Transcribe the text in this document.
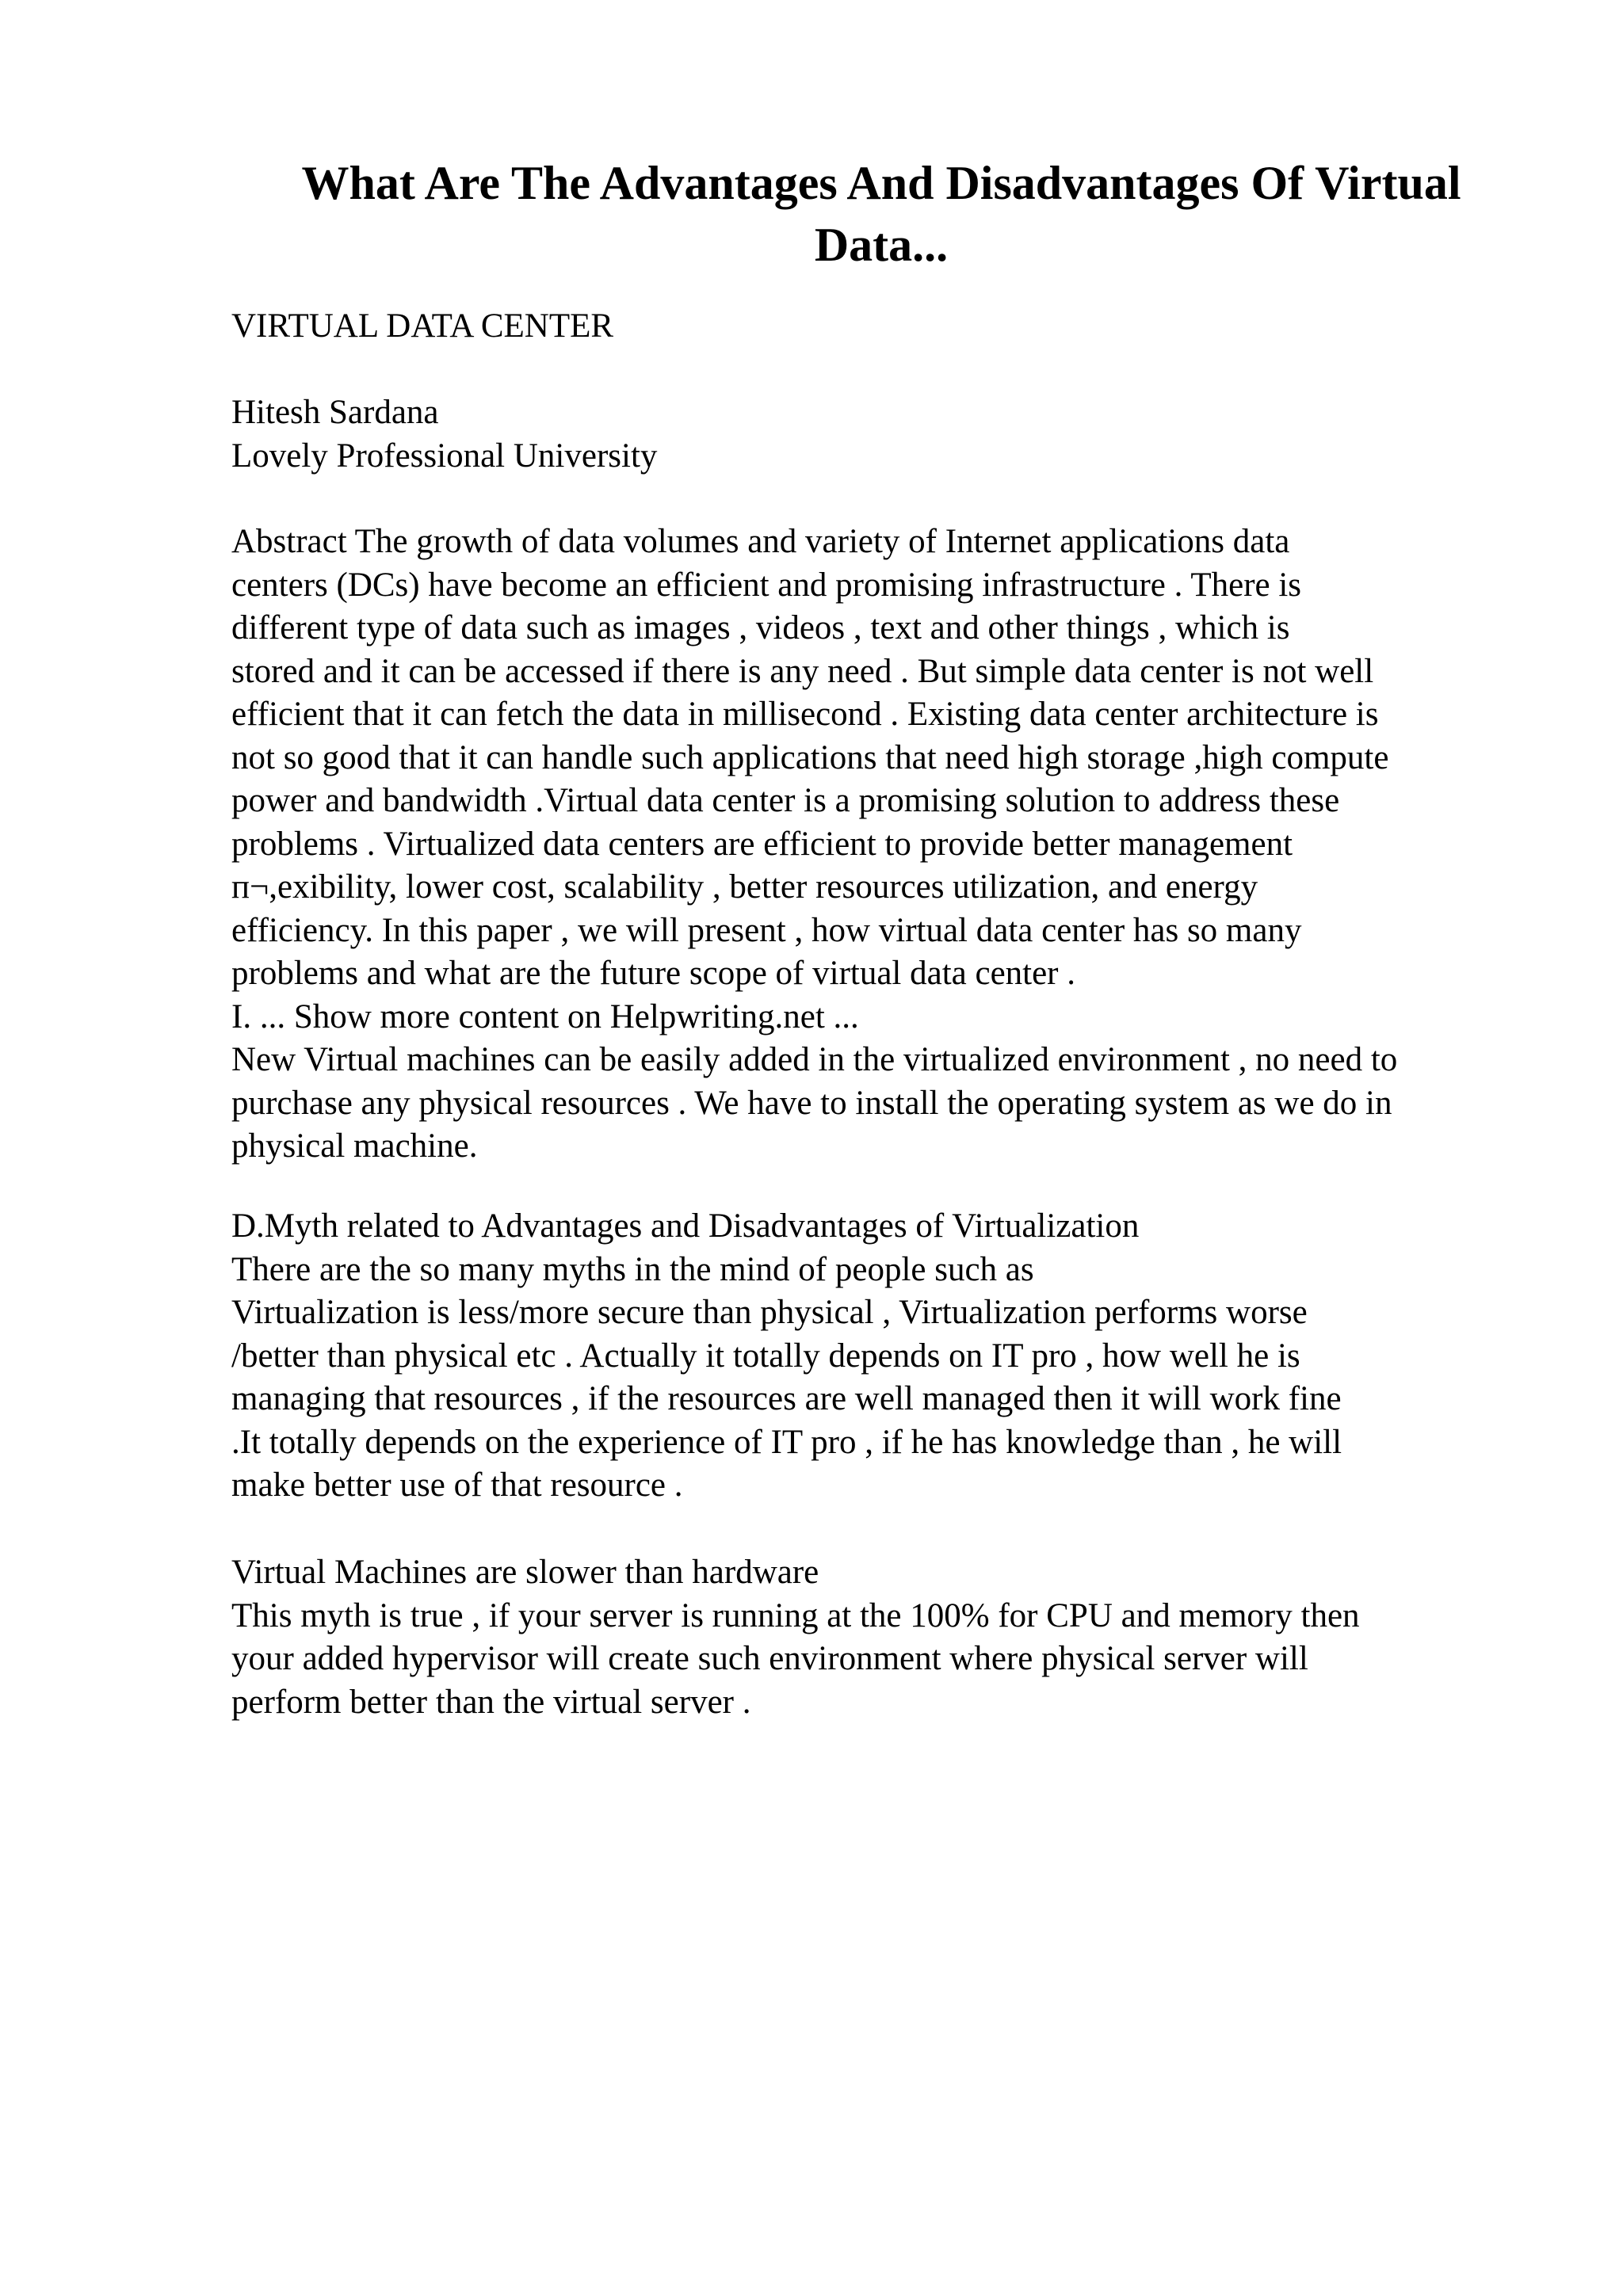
What Are The Advantages And Disadvantages Of Virtual Data...

VIRTUAL DATA CENTER

Hitesh Sardana
Lovely Professional University
Abstract The growth of data volumes and variety of Internet applications data
centers (DCs) have become an efficient and promising infrastructure . There is
different type of data such as images , videos , text and other things , which is
stored and it can be accessed if there is any need . But simple data center is not well
efficient that it can fetch the data in millisecond . Existing data center architecture is
not so good that it can handle such applications that need high storage ,high compute
power and bandwidth .Virtual data center is a promising solution to address these
problems . Virtualized data centers are efficient to provide better management
п¬,exibility, lower cost, scalability , better resources utilization, and energy
efficiency. In this paper , we will present , how virtual data center has so many
problems and what are the future scope of virtual data center .
I. ... Show more content on Helpwriting.net ...
New Virtual machines can be easily added in the virtualized environment , no need to
purchase any physical resources . We have to install the operating system as we do in
physical machine.
D.Myth related to Advantages and Disadvantages of Virtualization
There are the so many myths in the mind of people such as
Virtualization is less/more secure than physical , Virtualization performs worse
/better than physical etc . Actually it totally depends on IT pro , how well he is
managing that resources , if the resources are well managed then it will work fine
.It totally depends on the experience of IT pro , if he has knowledge than , he will
make better use of that resource .
Virtual Machines are slower than hardware
This myth is true , if your server is running at the 100% for CPU and memory then
your added hypervisor will create such environment where physical server will
perform better than the virtual server .
